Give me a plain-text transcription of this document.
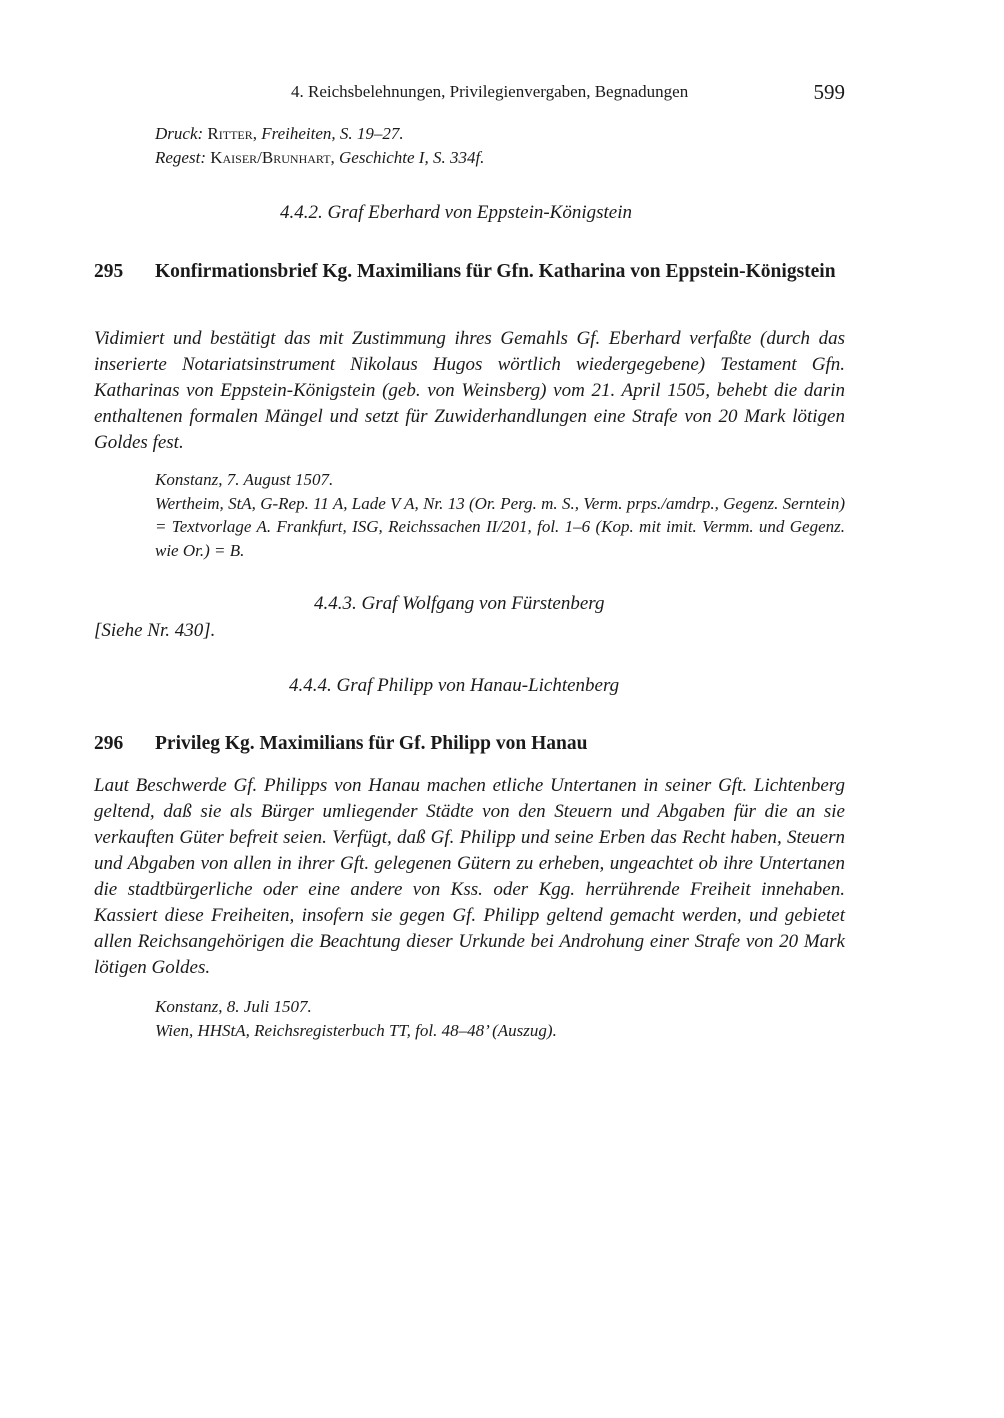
4. Reichsbelehnungen, Privilegienvergaben, Begnadungen	599

Druck: Ritter, Freiheiten, S. 19–27.

Regest: Kaiser/Brunhart, Geschichte I, S. 334f.

4.4.2. Graf Eberhard von Eppstein-Königstein
295 Konfirmationsbrief Kg. Maximilians für Gfn. Katharina von Eppstein-Königstein
Vidimiert und bestätigt das mit Zustimmung ihres Gemahls Gf. Eberhard verfaßte (durch das inserierte Notariatsinstrument Nikolaus Hugos wörtlich wiedergegebene) Testament Gfn. Katharinas von Eppstein-Königstein (geb. von Weinsberg) vom 21. April 1505, behebt die darin enthaltenen formalen Mängel und setzt für Zuwiderhandlungen eine Strafe von 20 Mark lötigen Goldes fest.

Konstanz, 7. August 1507.

Wertheim, StA, G-Rep. 11 A, Lade V A, Nr. 13 (Or. Perg. m. S., Verm. prps./amdrp., Gegenz. Serntein) = Textvorlage A. Frankfurt, ISG, Reichssachen II/201, fol. 1–6 (Kop. mit imit. Vermm. und Gegenz. wie Or.) = B.

4.4.3. Graf Wolfgang von Fürstenberg
[Siehe Nr. 430].
4.4.4. Graf Philipp von Hanau-Lichtenberg
296 Privileg Kg. Maximilians für Gf. Philipp von Hanau
Laut Beschwerde Gf. Philipps von Hanau machen etliche Untertanen in seiner Gft. Lichtenberg geltend, daß sie als Bürger umliegender Städte von den Steuern und Abgaben für die an sie verkauften Güter befreit seien. Verfügt, daß Gf. Philipp und seine Erben das Recht haben, Steuern und Abgaben von allen in ihrer Gft. gelegenen Gütern zu erheben, ungeachtet ob ihre Untertanen die stadtbürgerliche oder eine andere von Kss. oder Kgg. herrührende Freiheit innehaben. Kassiert diese Freiheiten, insofern sie gegen Gf. Philipp geltend gemacht werden, und gebietet allen Reichsangehörigen die Beachtung dieser Urkunde bei Androhung einer Strafe von 20 Mark lötigen Goldes.

Konstanz, 8. Juli 1507.

Wien, HHStA, Reichsregisterbuch TT, fol. 48–48’ (Auszug).
